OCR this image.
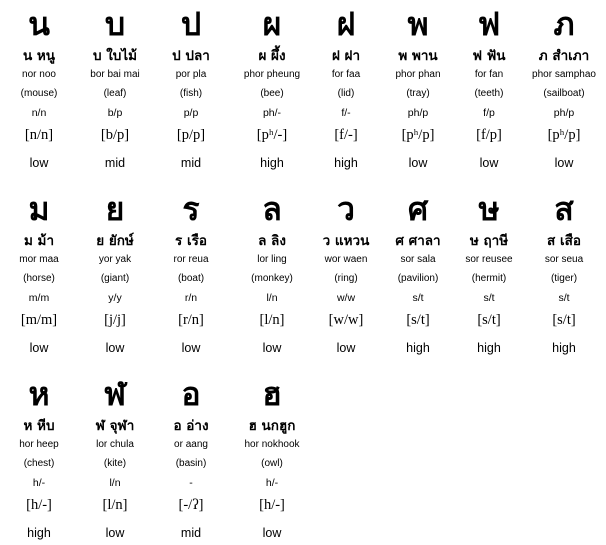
น
น หนู
nor noo
(mouse)
n/n
[n/n]
low
บ
บ ใบไม้
bor bai mai
(leaf)
b/p
[b/p]
mid
ป
ป ปลา
por pla
(fish)
p/p
[p/p]
mid
ผ
ผ ผึ้ง
phor pheung
(bee)
ph/-
[pʰ/-]
high
ฝ
ฝ ฝา
for faa
(lid)
f/-
[f/-]
high
พ
พ พาน
phor phan
(tray)
ph/p
[pʰ/p]
low
ฟ
ฟ ฟัน
for fan
(teeth)
f/p
[f/p]
low
ภ
ภ สำเภา
phor samphao
(sailboat)
ph/p
[pʰ/p]
low
ม
ม ม้า
mor maa
(horse)
m/m
[m/m]
low
ย
ย ยักษ์
yor yak
(giant)
y/y
[j/j]
low
ร
ร เรือ
ror reua
(boat)
r/n
[r/n]
low
ล
ล ลิง
lor ling
(monkey)
l/n
[l/n]
low
ว
ว แหวน
wor waen
(ring)
w/w
[w/w]
low
ศ
ศ ศาลา
sor sala
(pavilion)
s/t
[s/t]
high
ษ
ษ ฤาษี
sor reusee
(hermit)
s/t
[s/t]
high
ส
ส เสือ
sor seua
(tiger)
s/t
[s/t]
high
ห
ห หีบ
hor heep
(chest)
h/-
[h/-]
high
ฬ
ฬ จุฬา
lor chula
(kite)
l/n
[l/n]
low
อ
อ อ่าง
or aang
(basin)
-
[-/ʔ]
mid
ฮ
ฮ นกฮูก
hor nokhook
(owl)
h/-
[h/-]
low
